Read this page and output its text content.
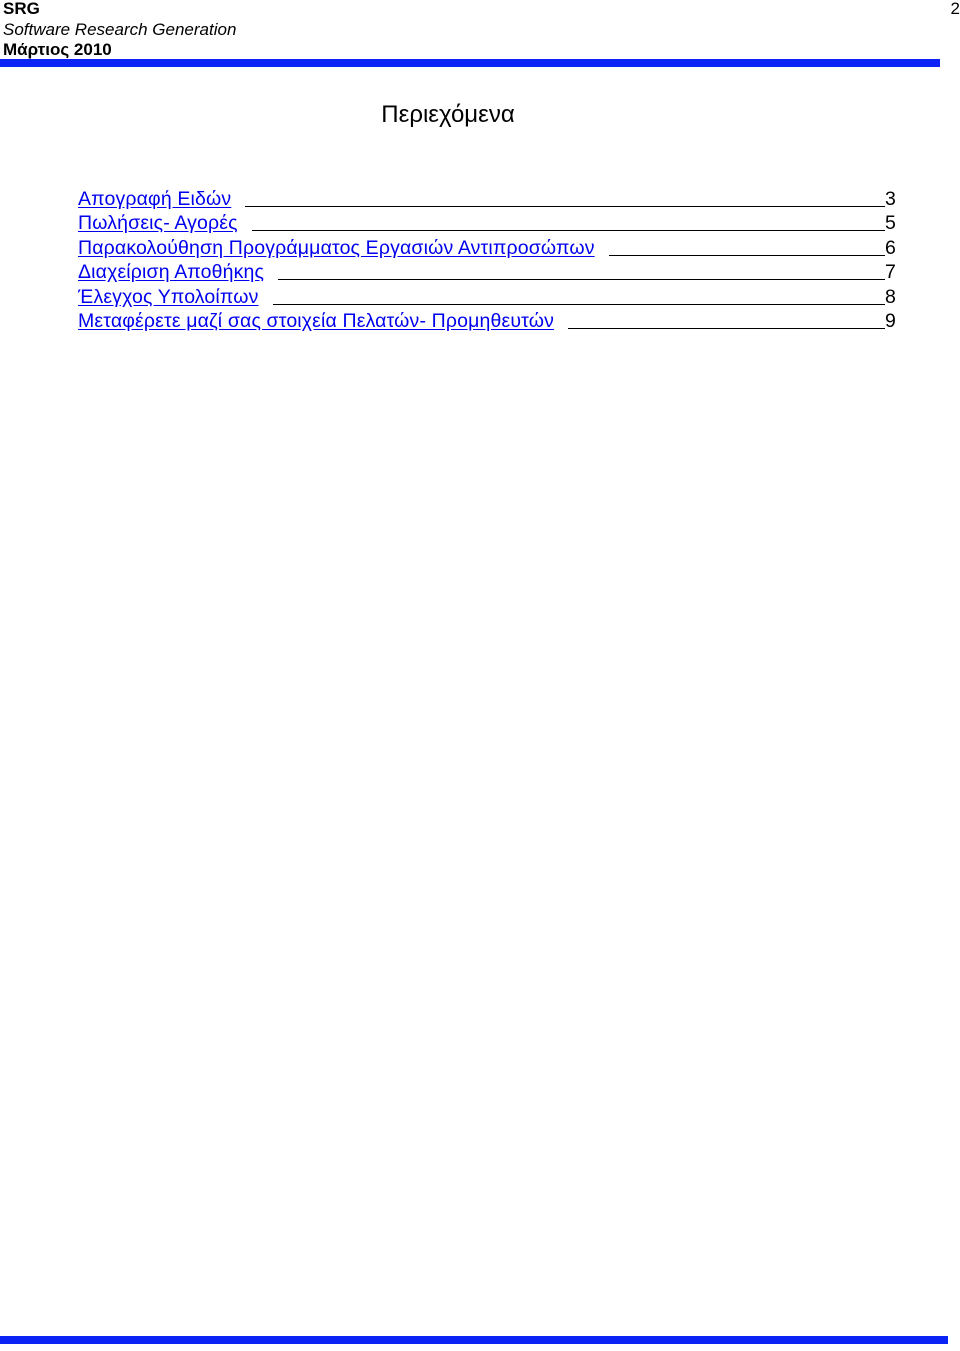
SRG
Software Research Generation
Μάρτιος 2010
2
Περιεχόμενα
Απογραφή Ειδών	3
Πωλήσεις- Αγορές	5
Παρακολούθηση Προγράμματος Εργασιών Αντιπροσώπων	6
Διαχείριση Αποθήκης	7
Έλεγχος Υπολοίπων	8
Μεταφέρετε μαζί σας στοιχεία Πελατών- Προμηθευτών	9
